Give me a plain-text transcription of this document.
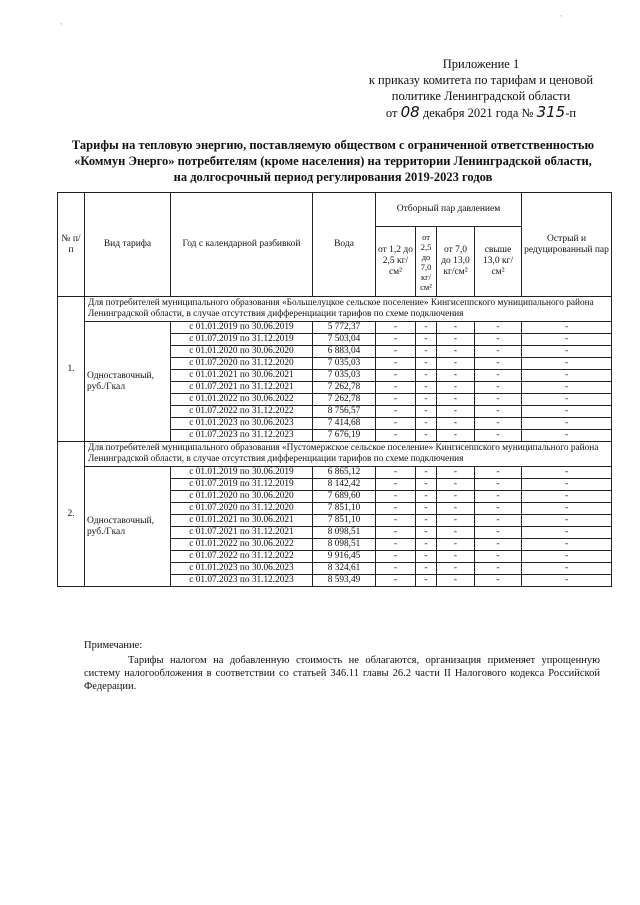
·
·
Приложение 1
к приказу комитета по тарифам и ценовой
политике Ленинградской области
от 08 декабря 2021 года № 315-п
Тарифы на тепловую энергию, поставляемую обществом с ограниченной ответственностью
«Коммун Энерго» потребителям (кроме населения) на территории Ленинградской области,
на долгосрочный период регулирования 2019-2023 годов
№ п/п	Вид тарифа	Год с календарной разбивкой	Вода	Отборный пар давлением				Острый и редуцированный пар
				от 1,2 до 2,5 кг/см²	от 2,5 до 7,0 кг/см²	от 7,0 до 13,0 кг/см²	свыше 13,0 кг/см²	
1.	Для потребителей муниципального образования «Большелуцкое сельское поселение» Кингисеппского муниципального района Ленинградской области, в случае отсутствия дифференциации тарифов по схеме подключения							
	Одноставочный, руб./Гкал	с 01.01.2019 по 30.06.2019	5 772,37	-	-	-	-	-
		с 01.07.2019 по 31.12.2019	7 503,04	-	-	-	-	-
		с 01.01.2020 по 30.06.2020	6 883,04	-	-	-	-	-
		с 01.07.2020 по 31.12.2020	7 035,03	-	-	-	-	-
		с 01.01.2021 по 30.06.2021	7 035,03	-	-	-	-	-
		с 01.07.2021 по 31.12.2021	7 262,78	-	-	-	-	-
		с 01.01.2022 по 30.06.2022	7 262,78	-	-	-	-	-
		с 01.07.2022 по 31.12.2022	8 756,57	-	-	-	-	-
		с 01.01.2023 по 30.06.2023	7 414,68	-	-	-	-	-
		с 01.07.2023 по 31.12.2023	7 676,19	-	-	-	-	-
2.	Для потребителей муниципального образования «Пустомержское сельское поселение» Кингисеппского муниципального района Ленинградской области, в случае отсутствия дифференциации тарифов по схеме подключения							
	Одноставочный, руб./Гкал	с 01.01.2019 по 30.06.2019	6 865,12	-	-	-	-	-
		с 01.07.2019 по 31.12.2019	8 142,42	-	-	-	-	-
		с 01.01.2020 по 30.06.2020	7 689,60	-	-	-	-	-
		с 01.07.2020 по 31.12.2020	7 851,10	-	-	-	-	-
		с 01.01.2021 по 30.06.2021	7 851,10	-	-	-	-	-
		с 01.07.2021 по 31.12.2021	8 098,51	-	-	-	-	-
		с 01.01.2022 по 30.06.2022	8 098,51	-	-	-	-	-
		с 01.07.2022 по 31.12.2022	9 916,45	-	-	-	-	-
		с 01.01.2023 по 30.06.2023	8 324,61	-	-	-	-	-
		с 01.07.2023 по 31.12.2023	8 593,49	-	-	-	-	-
Примечание:
Тарифы налогом на добавленную стоимость не облагаются, организация применяет упрощенную систему налогообложения в соответствии со статьей 346.11 главы 26.2 части II Налогового кодекса Российской Федерации.
